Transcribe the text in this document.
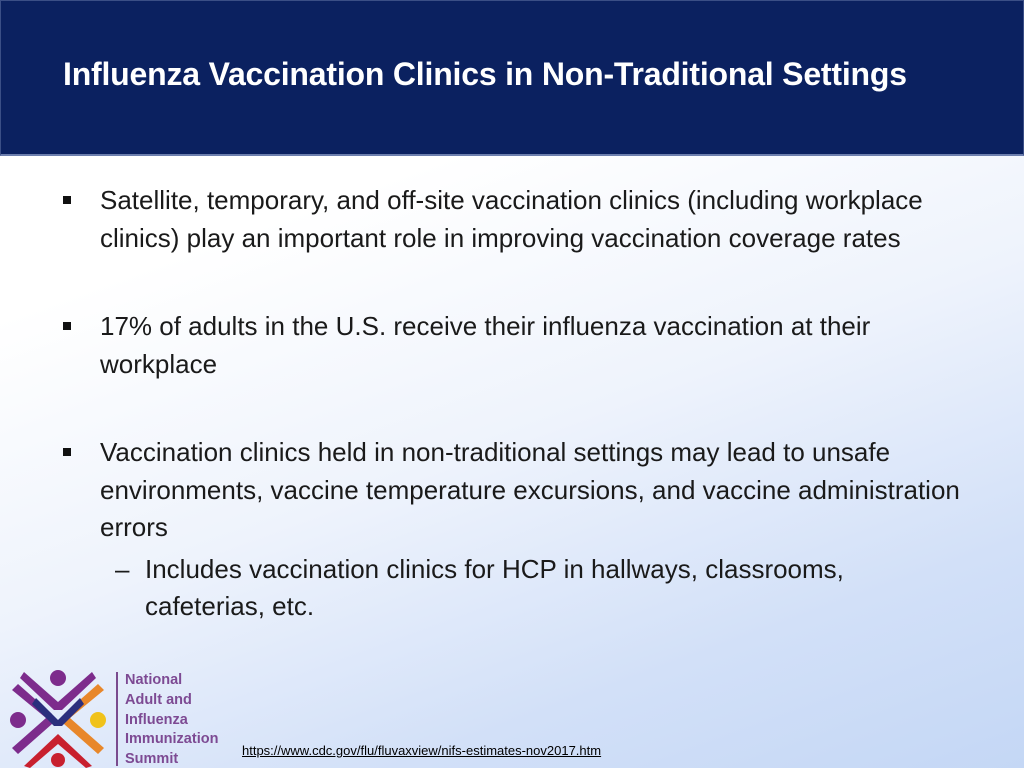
Influenza Vaccination Clinics in Non-Traditional Settings
Satellite, temporary, and off-site vaccination clinics (including workplace clinics) play an important role in improving vaccination coverage rates
17% of adults in the U.S. receive their influenza vaccination at their workplace
Vaccination clinics held in non-traditional settings may lead to unsafe environments, vaccine temperature excursions, and vaccine administration errors
– Includes vaccination clinics for HCP in hallways, classrooms, cafeterias, etc.
National
Adult and
Influenza
Immunization
Summit
https://www.cdc.gov/flu/fluvaxview/nifs-estimates-nov2017.htm
